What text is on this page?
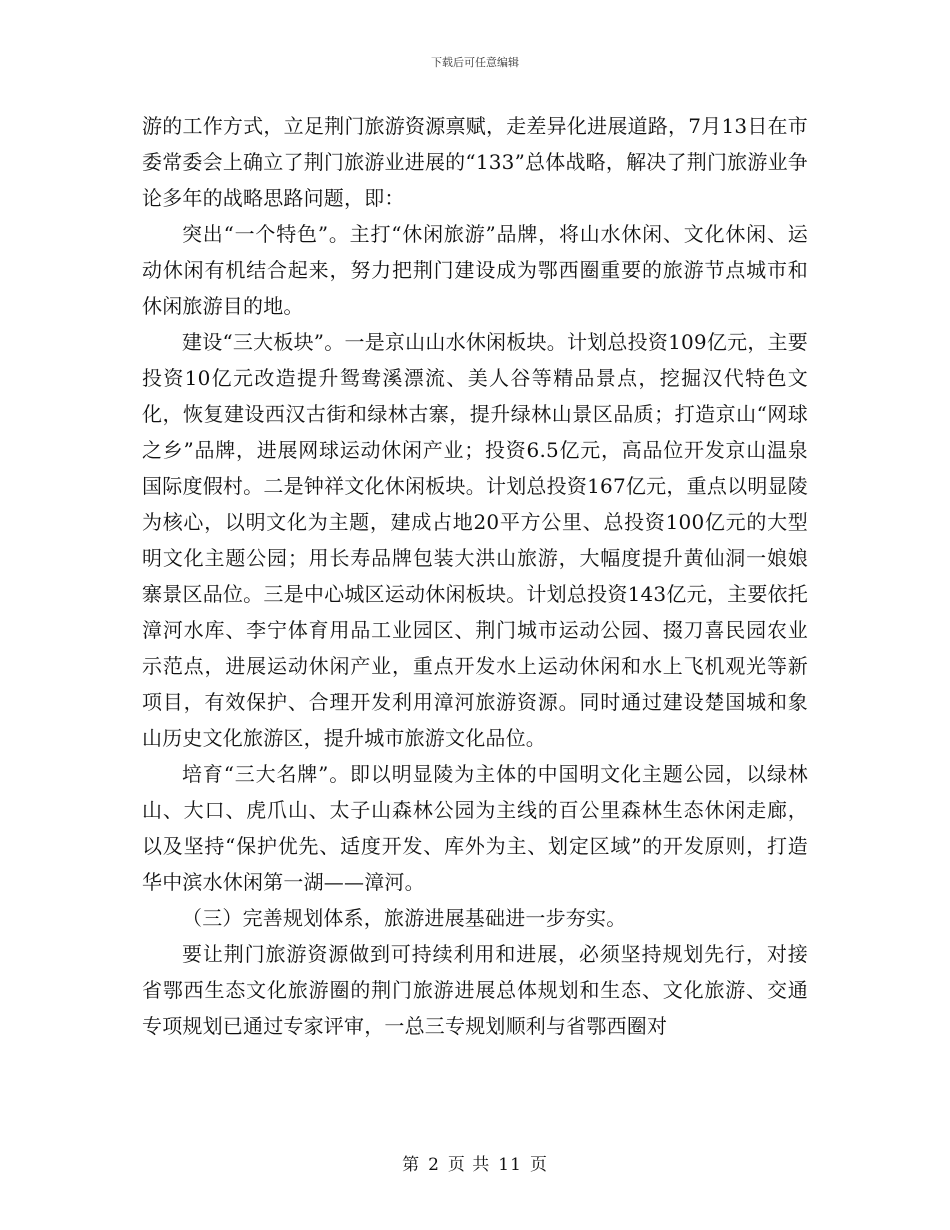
下载后可任意编辑

游的工作方式，立足荆门旅游资源禀赋，走差异化进展道路，7月13日在市委常委会上确立了荆门旅游业进展的“133”总体战略，解决了荆门旅游业争论多年的战略思路问题，即：

突出“一个特色”。主打“休闲旅游”品牌，将山水休闲、文化休闲、运动休闲有机结合起来，努力把荆门建设成为鄂西圈重要的旅游节点城市和休闲旅游目的地。

建设“三大板块”。一是京山山水休闲板块。计划总投资109亿元，主要投资10亿元改造提升鸳鸯溪漂流、美人谷等精品景点，挖掘汉代特色文化，恢复建设西汉古街和绿林古寨，提升绿林山景区品质；打造京山“网球之乡”品牌，进展网球运动休闲产业；投资6.5亿元，高品位开发京山温泉国际度假村。二是钟祥文化休闲板块。计划总投资167亿元，重点以明显陵为核心，以明文化为主题，建成占地20平方公里、总投资100亿元的大型明文化主题公园；用长寿品牌包装大洪山旅游，大幅度提升黄仙洞一娘娘寨景区品位。三是中心城区运动休闲板块。计划总投资143亿元，主要依托漳河水库、李宁体育用品工业园区、荆门城市运动公园、掇刀喜民园农业示范点，进展运动休闲产业，重点开发水上运动休闲和水上飞机观光等新项目，有效保护、合理开发利用漳河旅游资源。同时通过建设楚国城和象山历史文化旅游区，提升城市旅游文化品位。

培育“三大名牌”。即以明显陵为主体的中国明文化主题公园，以绿林山、大口、虎爪山、太子山森林公园为主线的百公里森林生态休闲走廊，以及坚持“保护优先、适度开发、库外为主、划定区域”的开发原则，打造华中滨水休闲第一湖——漳河。

（三）完善规划体系，旅游进展基础进一步夯实。

要让荆门旅游资源做到可持续利用和进展，必须坚持规划先行，对接省鄂西生态文化旅游圈的荆门旅游进展总体规划和生态、文化旅游、交通专项规划已通过专家评审，一总三专规划顺利与省鄂西圈对

第 2 页 共 11 页
